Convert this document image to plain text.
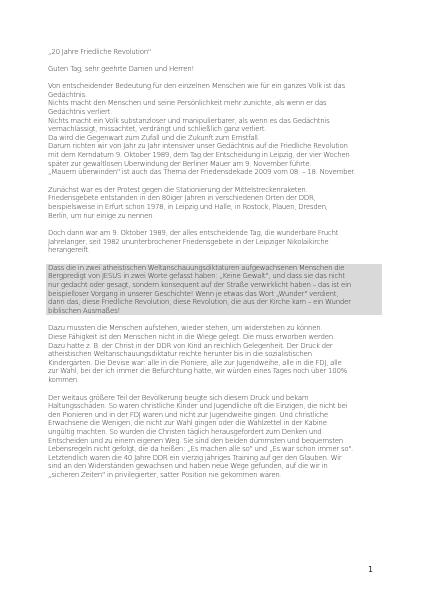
„20 Jahre Friedliche Revolution"
Guten Tag, sehr geehrte Damen und Herren!
Von entscheidender Bedeutung für den einzelnen Menschen wie für ein ganzes Volk ist das
Gedächtnis.
Nichts macht den Menschen und seine Persönlichkeit mehr zunichte, als wenn er das
Gedächtnis verliert.
Nichts macht ein Volk substanzloser und manipulierbarer, als wenn es das Gedächtnis
vernachlässigt, missachtet, verdrängt und schließlich ganz verliert.
Da wird die Gegenwart zum Zufall und die Zukunft zum Ernstfall.
Darum richten wir von Jahr zu Jahr intensiver unser Gedächtnis auf die Friedliche Revolution
mit dem Kerndatum 9. Oktober 1989, dem Tag der Entscheidung in Leipzig, der vier Wochen
später zur gewaltlosen Überwindung der Berliner Mauer am 9. November führte.
„Mauern überwinden" ist auch das Thema der Friedensdekade 2009 vom 08. – 18. November.
Zunächst war es der Protest gegen die Stationierung der Mittelstreckenraketen.
Friedensgebete entstanden in den 80iger Jahren in verschiedenen Orten der DDR,
beispielsweise in Erfurt schon 1978, in Leipzig und Halle, in Rostock, Plauen, Dresden,
Berlin, um nur einige zu nennen.
Doch dann war am 9. Oktober 1989, der alles entscheidende Tag, die wunderbare Frucht
Jahrelanger, seit 1982 ununterbrochener Friedensgebete in der Leipziger Nikolaikirche
herangereift.
Dass die in zwei atheistischen Weltanschauungsdiktaturen aufgewachsenen Menschen die
Bergpredigt von JESUS in zwei Worte gefasst haben: „Keine Gewalt", und dass sie das nicht
nur gedacht oder gesagt, sondern konsequent auf der Straße verwirklicht haben – das ist ein
beispielloser Vorgang in unserer Geschichte! Wenn je etwas das Wort „Wunder" verdient,
dann das, diese Friedliche Revolution, diese Revolution, die aus der Kirche kam – ein Wunder
biblischen Ausmaßes!
Dazu mussten die Menschen aufstehen, wieder stehen, um widerstehen zu können.
Diese Fähigkeit ist den Menschen nicht in die Wiege gelegt. Die muss erworben werden.
Dazu hatte z. B. der Christ in der DDR von Kind an reichlich Gelegenheit. Der Druck der
atheistischen Weltanschauungsdiktatur reichte herunter bis in die sozialistischen
Kindergärten. Die Devise war: alle in die Pioniere, alle zur Jugendweihe, alle in die FDJ, alle
zur Wahl, bei der ich immer die Befürchtung hatte, wir würden eines Tages noch über 100%
kommen.
Der weitaus größere Teil der Bevölkerung beugte sich diesem Druck und bekam
Haltungsschäden. So waren christliche Kinder und Jugendliche oft die Einzigen, die nicht bei
den Pionieren und in der FDJ waren und nicht zur Jugendweihe gingen. Und christliche
Erwachsene die Wenigen, die nicht zur Wahl gingen oder die Wahlzettel in der Kabine
ungültig machten. So wurden die Christen täglich herausgefordert zum Denken und
Entscheiden und zu einem eigenen Weg. Sie sind den beiden dümmsten und bequemsten
Lebensregeln nicht gefolgt, die da heißen: „Es machen alle so" und „Es war schon immer so".
Letztendlich waren die 40 Jahre DDR ein vierzig jähriges Training auf ger den Glauben. Wir
sind an den Widerständen gewachsen und haben neue Wege gefunden, auf die wir in
„sicheren Zeiten" in privilegierter, satter Position nie gekommen wären.
1
